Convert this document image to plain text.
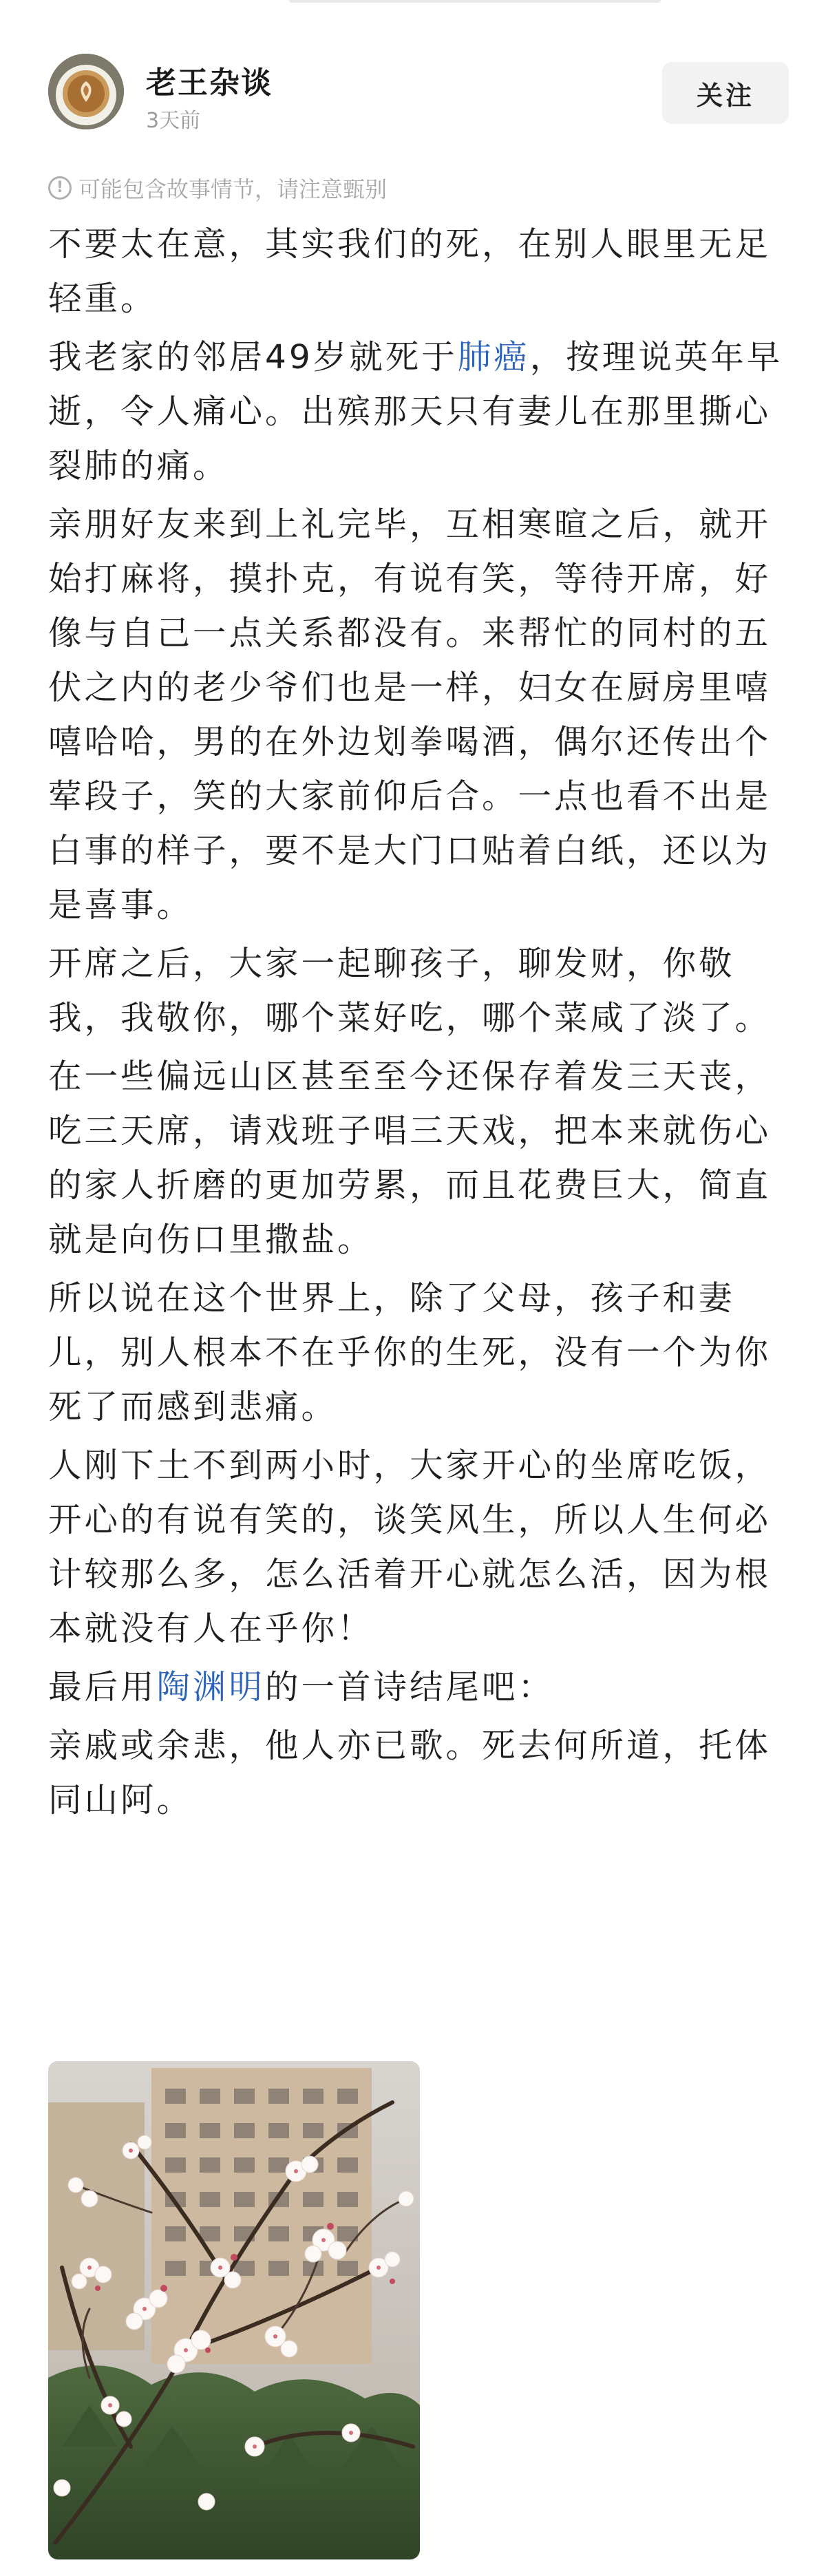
老王杂谈
3天前
关注
! 可能包含故事情节，请注意甄别

不要太在意，其实我们的死，在别人眼里无足轻重。

我老家的邻居49岁就死于肺癌，按理说英年早逝，令人痛心。出殡那天只有妻儿在那里撕心裂肺的痛。

亲朋好友来到上礼完毕，互相寒暄之后，就开始打麻将，摸扑克，有说有笑，等待开席，好像与自己一点关系都没有。来帮忙的同村的五伏之内的老少爷们也是一样，妇女在厨房里嘻嘻哈哈，男的在外边划拳喝酒，偶尔还传出个荤段子，笑的大家前仰后合。一点也看不出是白事的样子，要不是大门口贴着白纸，还以为是喜事。

开席之后，大家一起聊孩子，聊发财，你敬我，我敬你，哪个菜好吃，哪个菜咸了淡了。

在一些偏远山区甚至至今还保存着发三天丧，吃三天席，请戏班子唱三天戏，把本来就伤心的家人折磨的更加劳累，而且花费巨大，简直就是向伤口里撒盐。

所以说在这个世界上，除了父母，孩子和妻儿，别人根本不在乎你的生死，没有一个为你死了而感到悲痛。

人刚下土不到两小时，大家开心的坐席吃饭，开心的有说有笑的，谈笑风生，所以人生何必计较那么多，怎么活着开心就怎么活，因为根本就没有人在乎你！

最后用陶渊明的一首诗结尾吧：

亲戚或余悲，他人亦已歌。死去何所道，托体同山阿。
